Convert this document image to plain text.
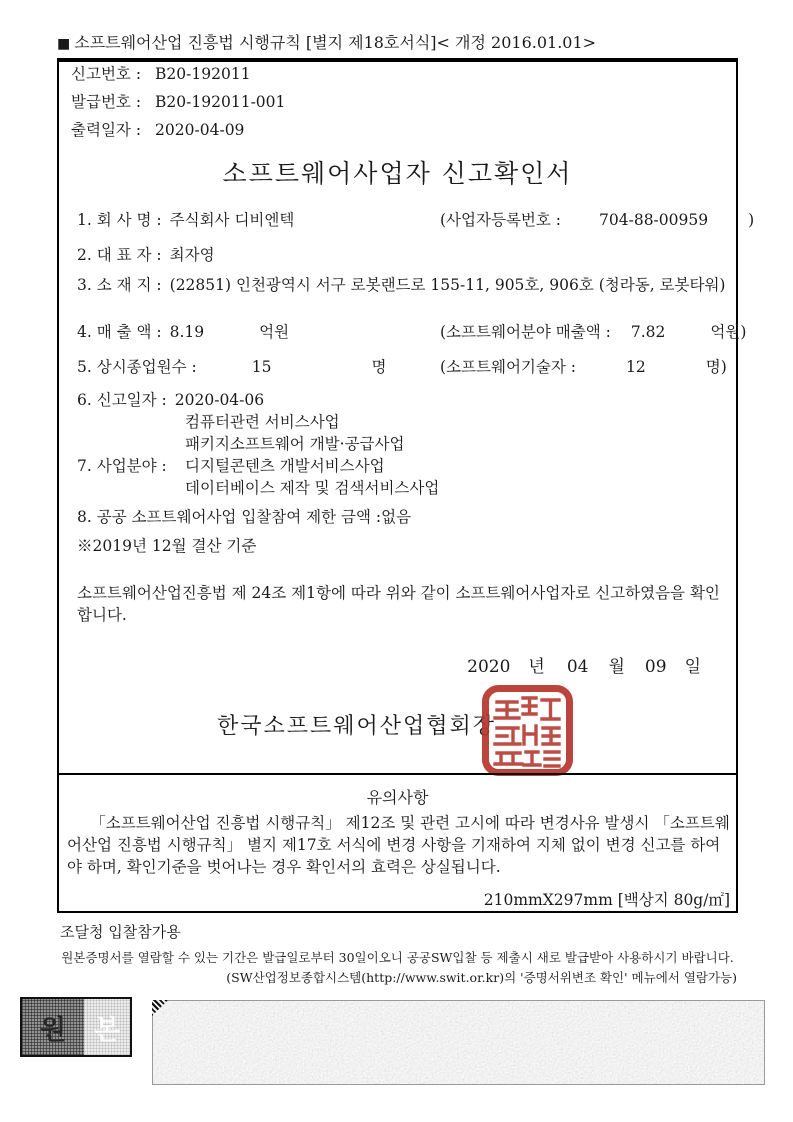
■ 소프트웨어산업 진흥법 시행규칙 [별지 제18호서식]< 개정 2016.01.01>
신고번호 : B20-192011
발급번호 : B20-192011-001
출력일자 : 2020-04-09
소프트웨어사업자 신고확인서
1. 회 사 명 : 주식회사 디비엔텍	(사업자등록번호 : 704-88-00959	)
2. 대 표 자 : 최자영
3. 소 재 지 : (22851) 인천광역시 서구 로봇랜드로 155-11, 905호, 906호 (청라동, 로봇타워)
4. 매 출 액 : 8.19	억원	(소프트웨어분야 매출액 : 7.82	억원)
5. 상시종업원수 :	15	명	(소프트웨어기술자 :	12	명)
6. 신고일자 : 2020-04-06
컴퓨터관련 서비스사업
패키지소프트웨어 개발·공급사업
7. 사업분야 : 디지털콘텐츠 개발서비스사업
데이터베이스 제작 및 검색서비스사업
8. 공공 소프트웨어사업 입찰참여 제한 금액 :없음
※2019년 12월 결산 기준
소프트웨어산업진흥법 제 24조 제1항에 따라 위와 같이 소프트웨어사업자로 신고하였음을 확인합니다.
2020 년 04 월 09 일
한국소프트웨어산업협회장
유의사항
「소프트웨어산업 진흥법 시행규칙」 제12조 및 관련 고시에 따라 변경사유 발생시 「소프트웨어산업 진흥법 시행규칙」 별지 제17호 서식에 변경 사항을 기재하여 지체 없이 변경 신고를 하여야 하며, 확인기준을 벗어나는 경우 확인서의 효력은 상실됩니다.
210mmX297mm [백상지 80g/㎡]
조달청 입찰참가용
원본증명서를 열람할 수 있는 기간은 발급일로부터 30일이오니 공공SW입찰 등 제출시 새로 발급받아 사용하시기 바랍니다.
(SW산업정보종합시스템(http://www.swit.or.kr)의 '증명서위변조 확인' 메뉴에서 열람가능)
원 본
